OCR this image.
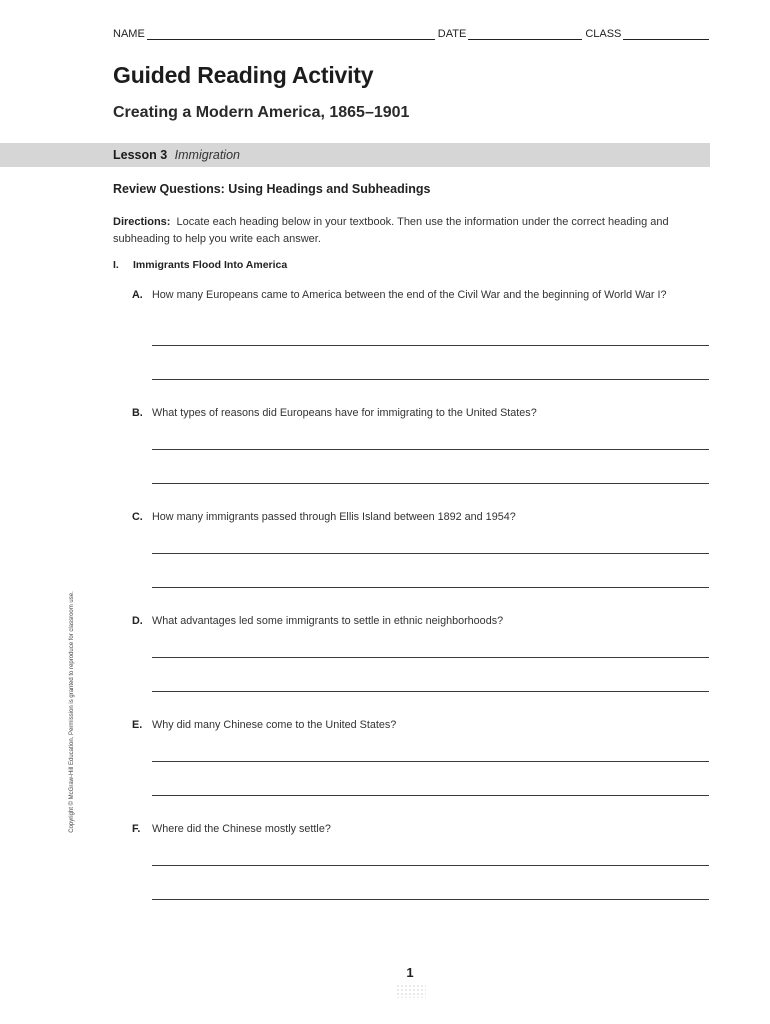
NAME	DATE	CLASS
Guided Reading Activity
Creating a Modern America, 1865–1901
Lesson 3 Immigration
Review Questions: Using Headings and Subheadings
Directions: Locate each heading below in your textbook. Then use the information under the correct heading and subheading to help you write each answer.
I. Immigrants Flood Into America
A. How many Europeans came to America between the end of the Civil War and the beginning of World War I?
B. What types of reasons did Europeans have for immigrating to the United States?
C. How many immigrants passed through Ellis Island between 1892 and 1954?
D. What advantages led some immigrants to settle in ethnic neighborhoods?
E. Why did many Chinese come to the United States?
F.	Where did the Chinese mostly settle?
Copyright © McGraw-Hill Education. Permission is granted to reproduce for classroom use.
1
